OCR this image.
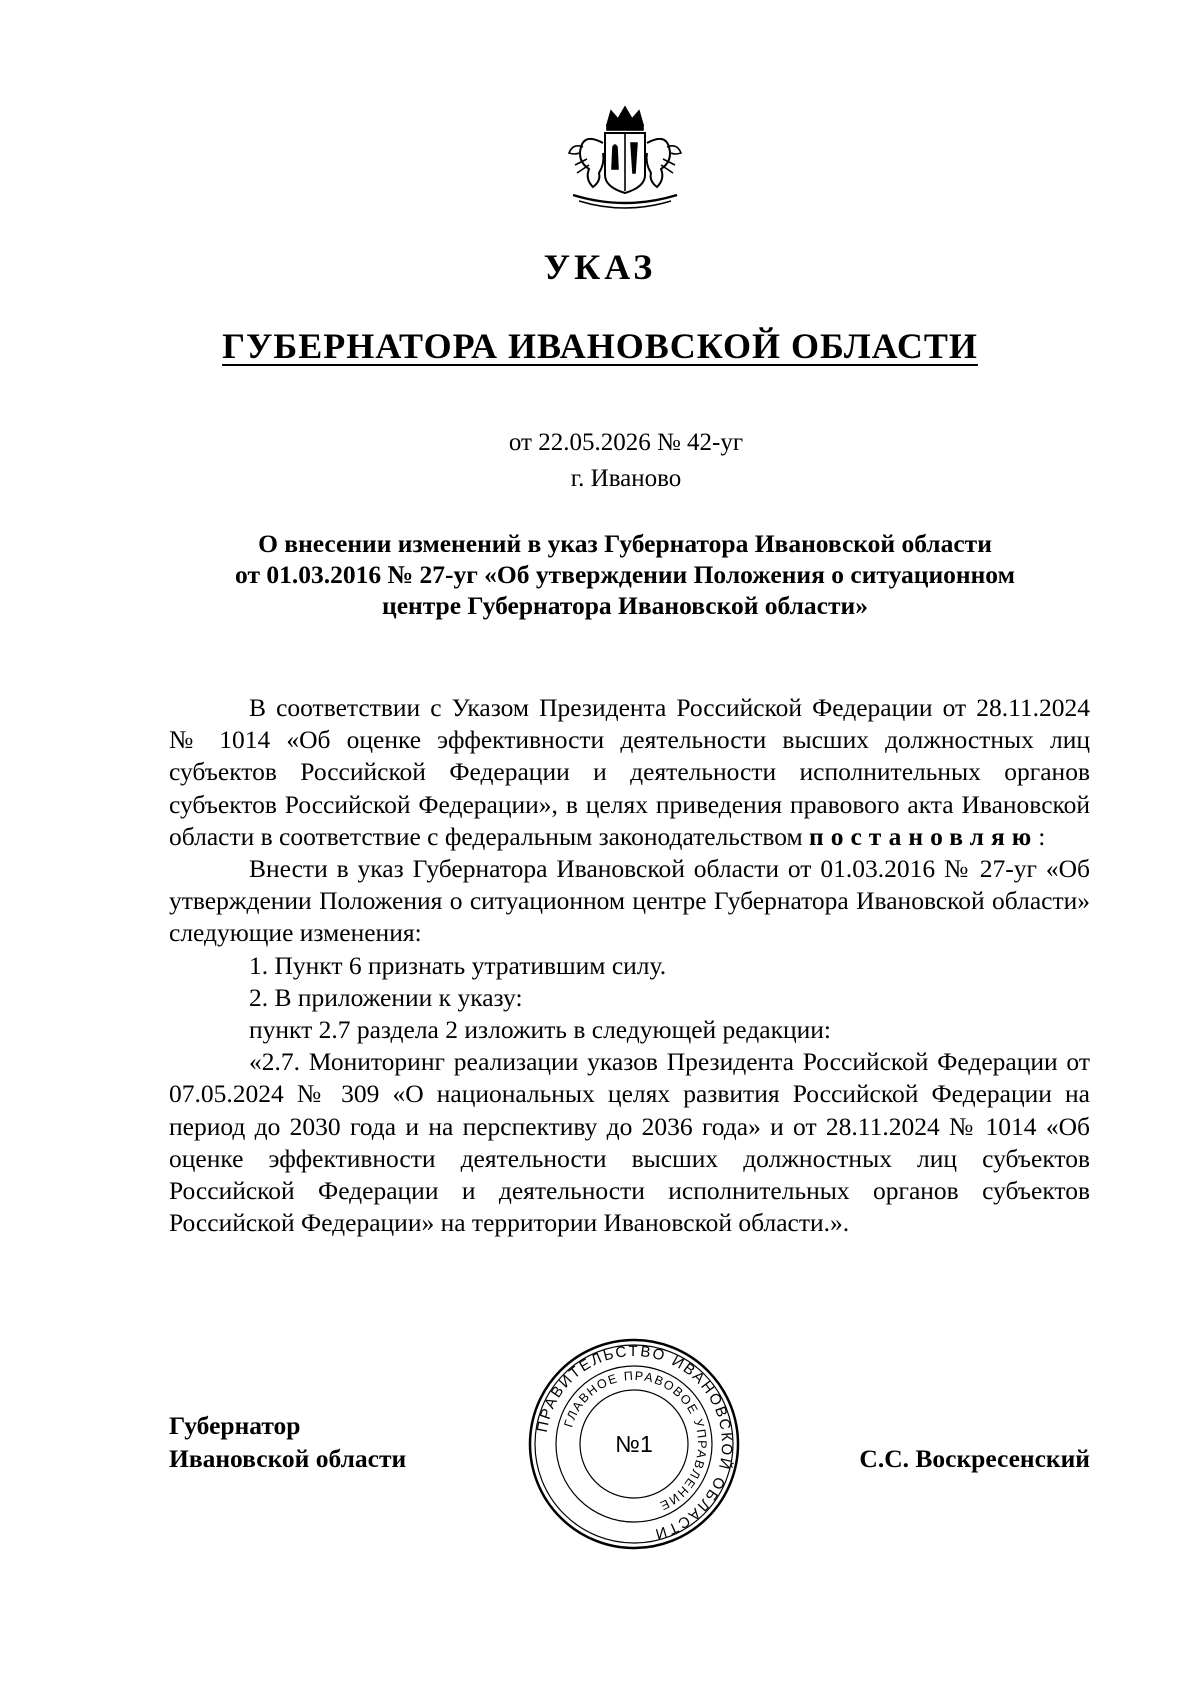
УКАЗ
ГУБЕРНАТОРА ИВАНОВСКОЙ ОБЛАСТИ
от 22.05.2026 № 42-уг
г. Иваново
О внесении изменений в указ Губернатора Ивановской области
от 01.03.2016 № 27-уг «Об утверждении Положения о ситуационном
центре Губернатора Ивановской области»

В соответствии с Указом Президента Российской Федерации от 28.11.2024 № 1014 «Об оценке эффективности деятельности высших должностных лиц субъектов Российской Федерации и деятельности исполнительных органов субъектов Российской Федерации», в целях приведения правового акта Ивановской области в соответствие с федеральным законодательством постановляю:

Внести в указ Губернатора Ивановской области от 01.03.2016 № 27-уг «Об утверждении Положения о ситуационном центре Губернатора Ивановской области» следующие изменения:

1. Пункт 6 признать утратившим силу.

2. В приложении к указу:

пункт 2.7 раздела 2 изложить в следующей редакции:

«2.7. Мониторинг реализации указов Президента Российской Федерации от 07.05.2024 № 309 «О национальных целях развития Российской Федерации на период до 2030 года и на перспективу до 2036 года» и от 28.11.2024 № 1014 «Об оценке эффективности деятельности высших должностных лиц субъектов Российской Федерации и деятельности исполнительных органов субъектов Российской Федерации» на территории Ивановской области.».

Губернатор
Ивановской области	С.С. Воскресенский
ПРАВИТЕЛЬСТВО ИВАНОВСКОЙ ОБЛАСТИ
ГЛАВНОЕ ПРАВОВОЕ УПРАВЛЕНИЕ
№1
